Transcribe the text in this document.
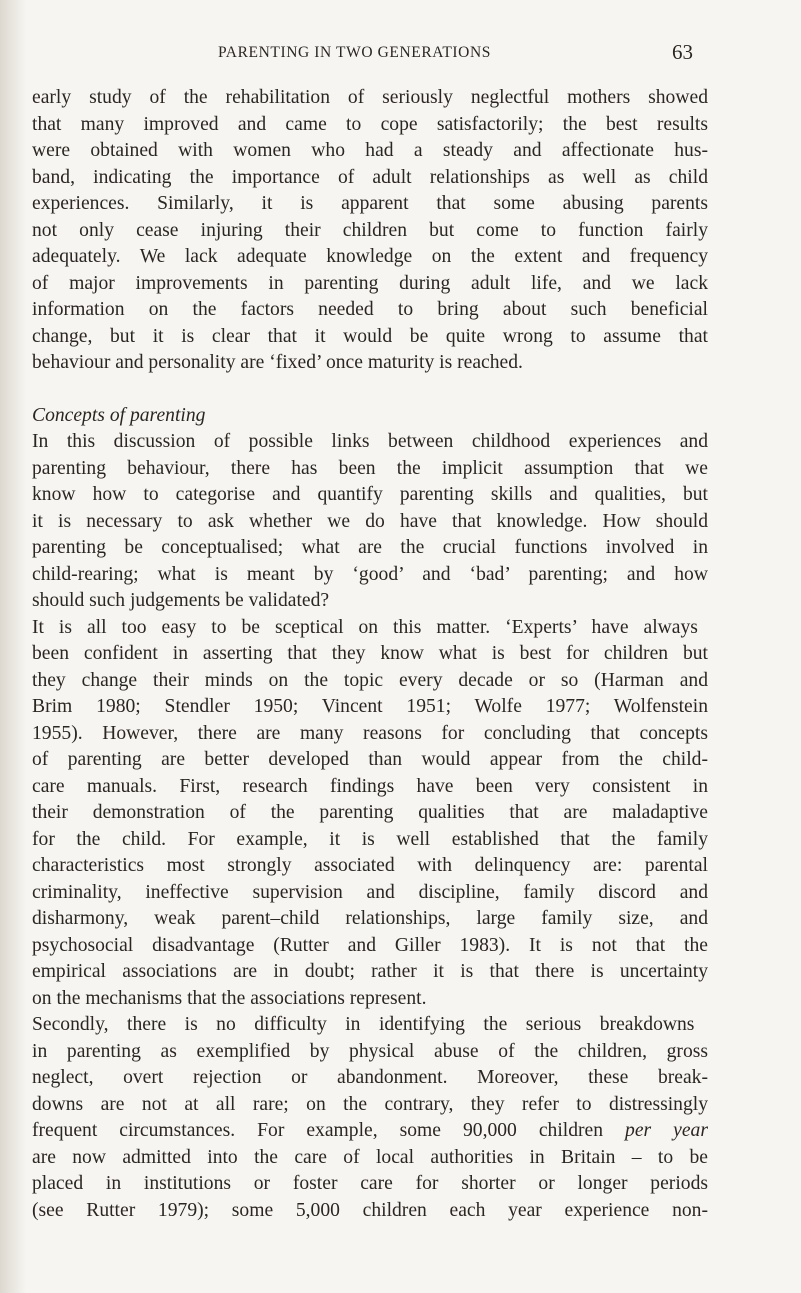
PARENTING IN TWO GENERATIONS	63
early study of the rehabilitation of seriously neglectful mothers showed
that many improved and came to cope satisfactorily; the best results
were obtained with women who had a steady and affectionate hus-
band, indicating the importance of adult relationships as well as child
experiences. Similarly, it is apparent that some abusing parents
not only cease injuring their children but come to function fairly
adequately. We lack adequate knowledge on the extent and frequency
of major improvements in parenting during adult life, and we lack
information on the factors needed to bring about such beneficial
change, but it is clear that it would be quite wrong to assume that
behaviour and personality are ‘fixed’ once maturity is reached.
Concepts of parenting
In this discussion of possible links between childhood experiences and
parenting behaviour, there has been the implicit assumption that we
know how to categorise and quantify parenting skills and qualities, but
it is necessary to ask whether we do have that knowledge. How should
parenting be conceptualised; what are the crucial functions involved in
child-rearing; what is meant by ‘good’ and ‘bad’ parenting; and how
should such judgements be validated?
It is all too easy to be sceptical on this matter. ‘Experts’ have always
been confident in asserting that they know what is best for children but
they change their minds on the topic every decade or so (Harman and
Brim 1980; Stendler 1950; Vincent 1951; Wolfe 1977; Wolfenstein
1955). However, there are many reasons for concluding that concepts
of parenting are better developed than would appear from the child-
care manuals. First, research findings have been very consistent in
their demonstration of the parenting qualities that are maladaptive
for the child. For example, it is well established that the family
characteristics most strongly associated with delinquency are: parental
criminality, ineffective supervision and discipline, family discord and
disharmony, weak parent–child relationships, large family size, and
psychosocial disadvantage (Rutter and Giller 1983). It is not that the
empirical associations are in doubt; rather it is that there is uncertainty
on the mechanisms that the associations represent.
Secondly, there is no difficulty in identifying the serious breakdowns
in parenting as exemplified by physical abuse of the children, gross
neglect, overt rejection or abandonment. Moreover, these break-
downs are not at all rare; on the contrary, they refer to distressingly
frequent circumstances. For example, some 90,000 children per year
are now admitted into the care of local authorities in Britain – to be
placed in institutions or foster care for shorter or longer periods
(see Rutter 1979); some 5,000 children each year experience non-
